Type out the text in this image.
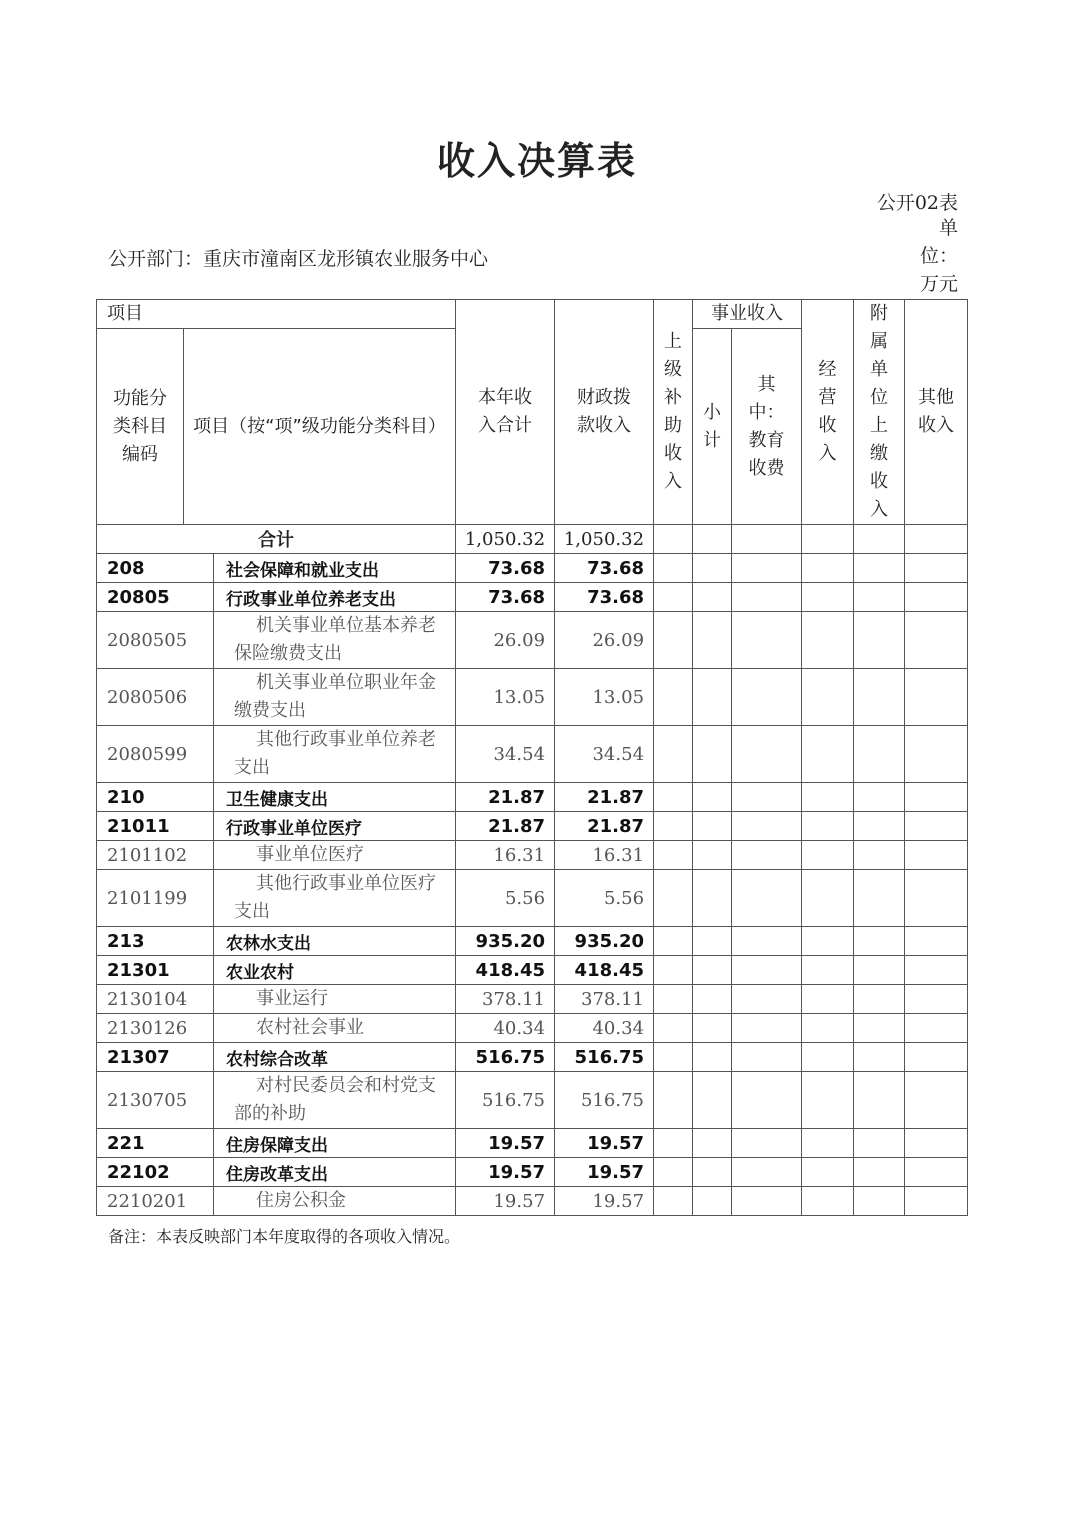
收入决算表
公开02表
单位：万元
公开部门：重庆市潼南区龙形镇农业服务中心
项目			本年收入合计	财政拨款收入	上级补助收入	事业收入		经营收入	附属单位上缴收入	其他收入

功能分类科目编码	项目（按“项”级功能分类科目）					小计	其中：教育收费			

合计			1,050.32	1,050.32						
208		社会保障和就业支出	73.68	73.68						
20805		行政事业单位养老支出	73.68	73.68						
2080505		机关事业单位基本养老保险缴费支出	26.09	26.09						
2080506		机关事业单位职业年金缴费支出	13.05	13.05						
2080599		其他行政事业单位养老支出	34.54	34.54						
210		卫生健康支出	21.87	21.87						
21011		行政事业单位医疗	21.87	21.87						
2101102		事业单位医疗	16.31	16.31						
2101199		其他行政事业单位医疗支出	5.56	5.56						
213		农林水支出	935.20	935.20						
21301		农业农村	418.45	418.45						
2130104		事业运行	378.11	378.11						
2130126		农村社会事业	40.34	40.34						
21307		农村综合改革	516.75	516.75						
2130705		对村民委员会和村党支部的补助	516.75	516.75						
221		住房保障支出	19.57	19.57						
22102		住房改革支出	19.57	19.57						
2210201		住房公积金	19.57	19.57						
备注：本表反映部门本年度取得的各项收入情况。
